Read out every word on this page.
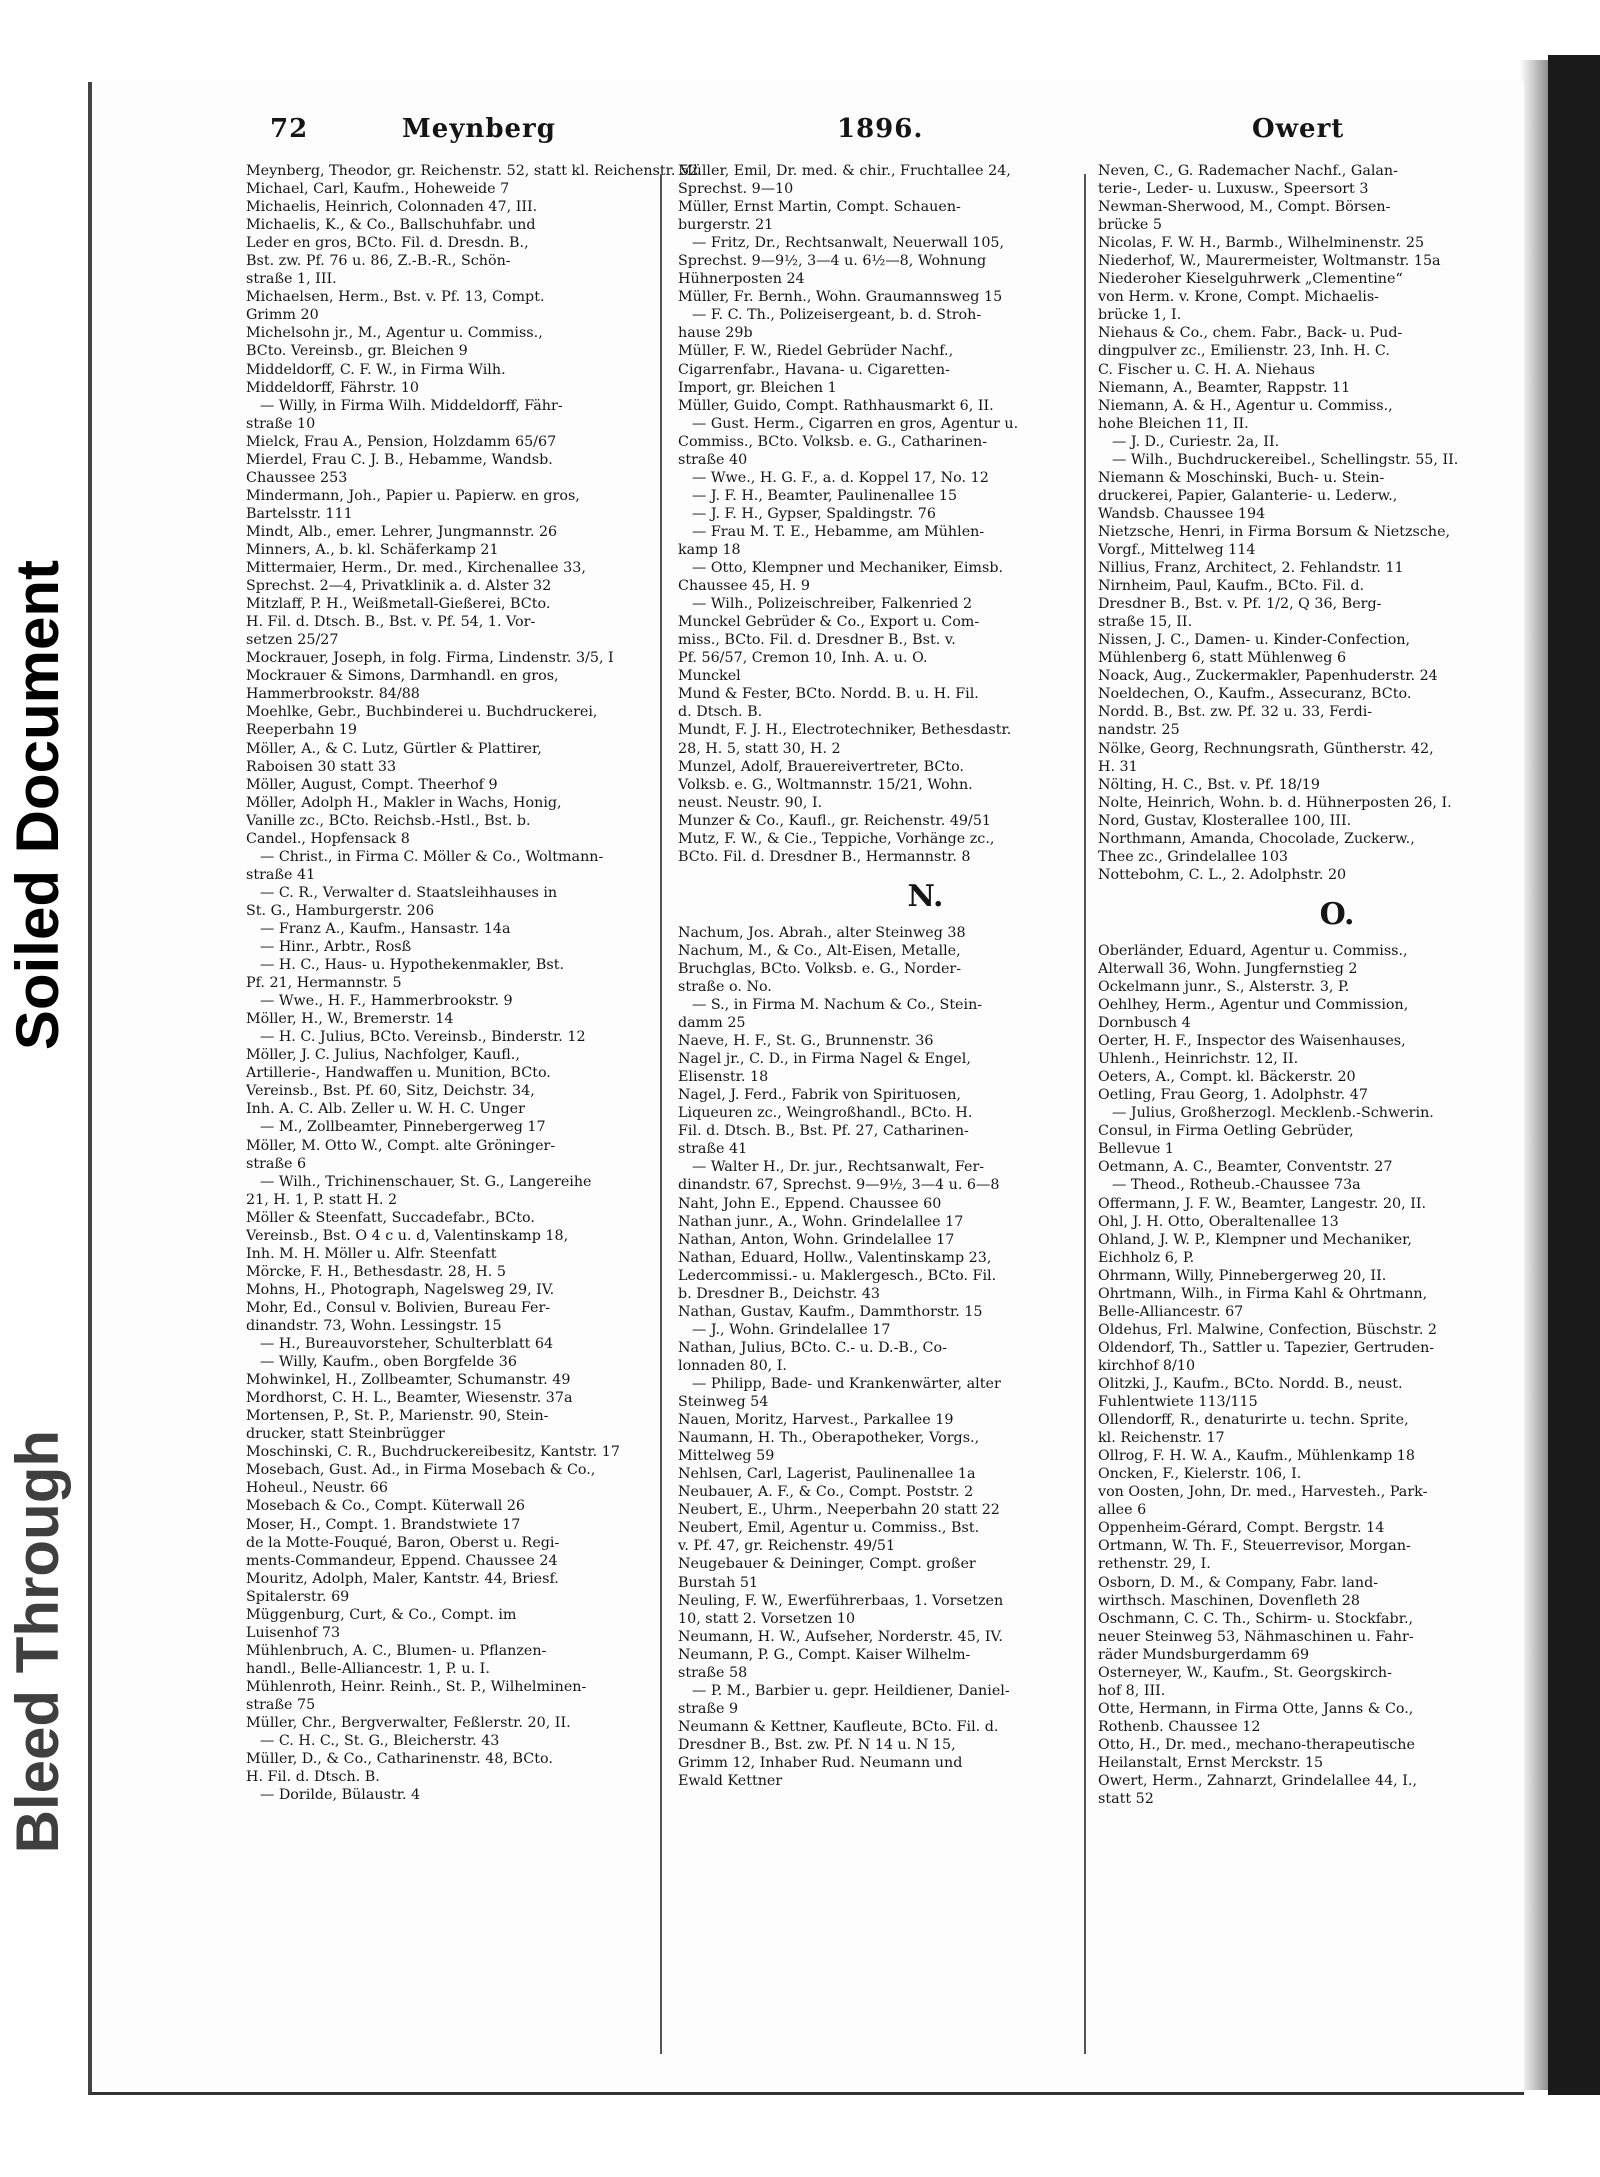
Soiled Document
Bleed Through
72	Meynberg	1896.	Owert

Meynberg, Theodor, gr. Reichenstr. 52, statt kl. Reichenstr. 52

Michael, Carl, Kaufm., Hoheweide 7

Michaelis, Heinrich, Colonnaden 47, III.

Michaelis, K., & Co., Ballschuhfabr. und

Leder en gros, BCto. Fil. d. Dresdn. B.,

Bst. zw. Pf. 76 u. 86, Z.-B.-R., Schön-

straße 1, III.

Michaelsen, Herm., Bst. v. Pf. 13, Compt.

Grimm 20

Michelsohn jr., M., Agentur u. Commiss.,

BCto. Vereinsb., gr. Bleichen 9

Middeldorff, C. F. W., in Firma Wilh.

Middeldorff, Fährstr. 10

— Willy, in Firma Wilh. Middeldorff, Fähr-

straße 10

Mielck, Frau A., Pension, Holzdamm 65/67

Mierdel, Frau C. J. B., Hebamme, Wandsb.

Chaussee 253

Mindermann, Joh., Papier u. Papierw. en gros,

Bartelsstr. 111

Mindt, Alb., emer. Lehrer, Jungmannstr. 26

Minners, A., b. kl. Schäferkamp 21

Mittermaier, Herm., Dr. med., Kirchenallee 33,

Sprechst. 2—4, Privatklinik a. d. Alster 32

Mitzlaff, P. H., Weißmetall-Gießerei, BCto.

H. Fil. d. Dtsch. B., Bst. v. Pf. 54, 1. Vor-

setzen 25/27

Mockrauer, Joseph, in folg. Firma, Lindenstr. 3/5, I

Mockrauer & Simons, Darmhandl. en gros,

Hammerbrookstr. 84/88

Moehlke, Gebr., Buchbinderei u. Buchdruckerei,

Reeperbahn 19

Möller, A., & C. Lutz, Gürtler & Plattirer,

Raboisen 30 statt 33

Möller, August, Compt. Theerhof 9

Möller, Adolph H., Makler in Wachs, Honig,

Vanille zc., BCto. Reichsb.-Hstl., Bst. b.

Candel., Hopfensack 8

— Christ., in Firma C. Möller & Co., Woltmann-

straße 41

— C. R., Verwalter d. Staatsleihhauses in

St. G., Hamburgerstr. 206

— Franz A., Kaufm., Hansastr. 14a

— Hinr., Arbtr., Rosß

— H. C., Haus- u. Hypothekenmakler, Bst.

Pf. 21, Hermannstr. 5

— Wwe., H. F., Hammerbrookstr. 9

Möller, H., W., Bremerstr. 14

— H. C. Julius, BCto. Vereinsb., Binderstr. 12

Möller, J. C. Julius, Nachfolger, Kaufl.,

Artillerie-, Handwaffen u. Munition, BCto.

Vereinsb., Bst. Pf. 60, Sitz, Deichstr. 34,

Inh. A. C. Alb. Zeller u. W. H. C. Unger

— M., Zollbeamter, Pinnebergerweg 17

Möller, M. Otto W., Compt. alte Gröninger-

straße 6

— Wilh., Trichinenschauer, St. G., Langereihe

21, H. 1, P. statt H. 2

Möller & Steenfatt, Succadefabr., BCto.

Vereinsb., Bst. O 4 c u. d, Valentinskamp 18,

Inh. M. H. Möller u. Alfr. Steenfatt

Mörcke, F. H., Bethesdastr. 28, H. 5

Mohns, H., Photograph, Nagelsweg 29, IV.

Mohr, Ed., Consul v. Bolivien, Bureau Fer-

dinandstr. 73, Wohn. Lessingstr. 15

— H., Bureauvorsteher, Schulterblatt 64

— Willy, Kaufm., oben Borgfelde 36

Mohwinkel, H., Zollbeamter, Schumanstr. 49

Mordhorst, C. H. L., Beamter, Wiesenstr. 37a

Mortensen, P., St. P., Marienstr. 90, Stein-

drucker, statt Steinbrügger

Moschinski, C. R., Buchdruckereibesitz, Kantstr. 17

Mosebach, Gust. Ad., in Firma Mosebach & Co.,

Hoheul., Neustr. 66

Mosebach & Co., Compt. Küterwall 26

Moser, H., Compt. 1. Brandstwiete 17

de la Motte-Fouqué, Baron, Oberst u. Regi-

ments-Commandeur, Eppend. Chaussee 24

Mouritz, Adolph, Maler, Kantstr. 44, Briesf.

Spitalerstr. 69

Müggenburg, Curt, & Co., Compt. im

Luisenhof 73

Mühlenbruch, A. C., Blumen- u. Pflanzen-

handl., Belle-Alliancestr. 1, P. u. I.

Mühlenroth, Heinr. Reinh., St. P., Wilhelminen-

straße 75

Müller, Chr., Bergverwalter, Feßlerstr. 20, II.

— C. H. C., St. G., Bleicherstr. 43

Müller, D., & Co., Catharinenstr. 48, BCto.

H. Fil. d. Dtsch. B.

— Dorilde, Bülaustr. 4

Müller, Emil, Dr. med. & chir., Fruchtallee 24,

Sprechst. 9—10

Müller, Ernst Martin, Compt. Schauen-

burgerstr. 21

— Fritz, Dr., Rechtsanwalt, Neuerwall 105,

Sprechst. 9—9½, 3—4 u. 6½—8, Wohnung

Hühnerposten 24

Müller, Fr. Bernh., Wohn. Graumannsweg 15

— F. C. Th., Polizeisergeant, b. d. Stroh-

hause 29b

Müller, F. W., Riedel Gebrüder Nachf.,

Cigarrenfabr., Havana- u. Cigaretten-

Import, gr. Bleichen 1

Müller, Guido, Compt. Rathhausmarkt 6, II.

— Gust. Herm., Cigarren en gros, Agentur u.

Commiss., BCto. Volksb. e. G., Catharinen-

straße 40

— Wwe., H. G. F., a. d. Koppel 17, No. 12

— J. F. H., Beamter, Paulinenallee 15

— J. F. H., Gypser, Spaldingstr. 76

— Frau M. T. E., Hebamme, am Mühlen-

kamp 18

— Otto, Klempner und Mechaniker, Eimsb.

Chaussee 45, H. 9

— Wilh., Polizeischreiber, Falkenried 2

Munckel Gebrüder & Co., Export u. Com-

miss., BCto. Fil. d. Dresdner B., Bst. v.

Pf. 56/57, Cremon 10, Inh. A. u. O.

Munckel

Mund & Fester, BCto. Nordd. B. u. H. Fil.

d. Dtsch. B.

Mundt, F. J. H., Electrotechniker, Bethesdastr.

28, H. 5, statt 30, H. 2

Munzel, Adolf, Brauereivertreter, BCto.

Volksb. e. G., Woltmannstr. 15/21, Wohn.

neust. Neustr. 90, I.

Munzer & Co., Kaufl., gr. Reichenstr. 49/51

Mutz, F. W., & Cie., Teppiche, Vorhänge zc.,

BCto. Fil. d. Dresdner B., Hermannstr. 8

N.

Nachum, Jos. Abrah., alter Steinweg 38

Nachum, M., & Co., Alt-Eisen, Metalle,

Bruchglas, BCto. Volksb. e. G., Norder-

straße o. No.

— S., in Firma M. Nachum & Co., Stein-

damm 25

Naeve, H. F., St. G., Brunnenstr. 36

Nagel jr., C. D., in Firma Nagel & Engel,

Elisenstr. 18

Nagel, J. Ferd., Fabrik von Spirituosen,

Liqueuren zc., Weingroßhandl., BCto. H.

Fil. d. Dtsch. B., Bst. Pf. 27, Catharinen-

straße 41

— Walter H., Dr. jur., Rechtsanwalt, Fer-

dinandstr. 67, Sprechst. 9—9½, 3—4 u. 6—8

Naht, John E., Eppend. Chaussee 60

Nathan junr., A., Wohn. Grindelallee 17

Nathan, Anton, Wohn. Grindelallee 17

Nathan, Eduard, Hollw., Valentinskamp 23,

Ledercommissi.- u. Maklergesch., BCto. Fil.

b. Dresdner B., Deichstr. 43

Nathan, Gustav, Kaufm., Dammthorstr. 15

— J., Wohn. Grindelallee 17

Nathan, Julius, BCto. C.- u. D.-B., Co-

lonnaden 80, I.

— Philipp, Bade- und Krankenwärter, alter

Steinweg 54

Nauen, Moritz, Harvest., Parkallee 19

Naumann, H. Th., Oberapotheker, Vorgs.,

Mittelweg 59

Nehlsen, Carl, Lagerist, Paulinenallee 1a

Neubauer, A. F., & Co., Compt. Poststr. 2

Neubert, E., Uhrm., Neeperbahn 20 statt 22

Neubert, Emil, Agentur u. Commiss., Bst.

v. Pf. 47, gr. Reichenstr. 49/51

Neugebauer & Deininger, Compt. großer

Burstah 51

Neuling, F. W., Ewerführerbaas, 1. Vorsetzen

10, statt 2. Vorsetzen 10

Neumann, H. W., Aufseher, Norderstr. 45, IV.

Neumann, P. G., Compt. Kaiser Wilhelm-

straße 58

— P. M., Barbier u. gepr. Heildiener, Daniel-

straße 9

Neumann & Kettner, Kaufleute, BCto. Fil. d.

Dresdner B., Bst. zw. Pf. N 14 u. N 15,

Grimm 12, Inhaber Rud. Neumann und

Ewald Kettner

Neven, C., G. Rademacher Nachf., Galan-

terie-, Leder- u. Luxusw., Speersort 3

Newman-Sherwood, M., Compt. Börsen-

brücke 5

Nicolas, F. W. H., Barmb., Wilhelminenstr. 25

Niederhof, W., Maurermeister, Woltmanstr. 15a

Niederoher Kieselguhrwerk „Clementine“

von Herm. v. Krone, Compt. Michaelis-

brücke 1, I.

Niehaus & Co., chem. Fabr., Back- u. Pud-

dingpulver zc., Emilienstr. 23, Inh. H. C.

C. Fischer u. C. H. A. Niehaus

Niemann, A., Beamter, Rappstr. 11

Niemann, A. & H., Agentur u. Commiss.,

hohe Bleichen 11, II.

— J. D., Curiestr. 2a, II.

— Wilh., Buchdruckereibel., Schellingstr. 55, II.

Niemann & Moschinski, Buch- u. Stein-

druckerei, Papier, Galanterie- u. Lederw.,

Wandsb. Chaussee 194

Nietzsche, Henri, in Firma Borsum & Nietzsche,

Vorgf., Mittelweg 114

Nillius, Franz, Architect, 2. Fehlandstr. 11

Nirnheim, Paul, Kaufm., BCto. Fil. d.

Dresdner B., Bst. v. Pf. 1/2, Q 36, Berg-

straße 15, II.

Nissen, J. C., Damen- u. Kinder-Confection,

Mühlenberg 6, statt Mühlenweg 6

Noack, Aug., Zuckermakler, Papenhuderstr. 24

Noeldechen, O., Kaufm., Assecuranz, BCto.

Nordd. B., Bst. zw. Pf. 32 u. 33, Ferdi-

nandstr. 25

Nölke, Georg, Rechnungsrath, Güntherstr. 42,

H. 31

Nölting, H. C., Bst. v. Pf. 18/19

Nolte, Heinrich, Wohn. b. d. Hühnerposten 26, I.

Nord, Gustav, Klosterallee 100, III.

Northmann, Amanda, Chocolade, Zuckerw.,

Thee zc., Grindelallee 103

Nottebohm, C. L., 2. Adolphstr. 20

O.

Oberländer, Eduard, Agentur u. Commiss.,

Alterwall 36, Wohn. Jungfernstieg 2

Ockelmann junr., S., Alsterstr. 3, P.

Oehlhey, Herm., Agentur und Commission,

Dornbusch 4

Oerter, H. F., Inspector des Waisenhauses,

Uhlenh., Heinrichstr. 12, II.

Oeters, A., Compt. kl. Bäckerstr. 20

Oetling, Frau Georg, 1. Adolphstr. 47

— Julius, Großherzogl. Mecklenb.-Schwerin.

Consul, in Firma Oetling Gebrüder,

Bellevue 1

Oetmann, A. C., Beamter, Conventstr. 27

— Theod., Rotheub.-Chaussee 73a

Offermann, J. F. W., Beamter, Langestr. 20, II.

Ohl, J. H. Otto, Oberaltenallee 13

Ohland, J. W. P., Klempner und Mechaniker,

Eichholz 6, P.

Ohrmann, Willy, Pinnebergerweg 20, II.

Ohrtmann, Wilh., in Firma Kahl & Ohrtmann,

Belle-Alliancestr. 67

Oldehus, Frl. Malwine, Confection, Büschstr. 2

Oldendorf, Th., Sattler u. Tapezier, Gertruden-

kirchhof 8/10

Olitzki, J., Kaufm., BCto. Nordd. B., neust.

Fuhlentwiete 113/115

Ollendorff, R., denaturirte u. techn. Sprite,

kl. Reichenstr. 17

Ollrog, F. H. W. A., Kaufm., Mühlenkamp 18

Oncken, F., Kielerstr. 106, I.

von Oosten, John, Dr. med., Harvesteh., Park-

allee 6

Oppenheim-Gérard, Compt. Bergstr. 14

Ortmann, W. Th. F., Steuerrevisor, Morgan-

rethenstr. 29, I.

Osborn, D. M., & Company, Fabr. land-

wirthsch. Maschinen, Dovenfleth 28

Oschmann, C. C. Th., Schirm- u. Stockfabr.,

neuer Steinweg 53, Nähmaschinen u. Fahr-

räder Mundsburgerdamm 69

Osterneyer, W., Kaufm., St. Georgskirch-

hof 8, III.

Otte, Hermann, in Firma Otte, Janns & Co.,

Rothenb. Chaussee 12

Otto, H., Dr. med., mechano-therapeutische

Heilanstalt, Ernst Merckstr. 15

Owert, Herm., Zahnarzt, Grindelallee 44, I.,

statt 52
